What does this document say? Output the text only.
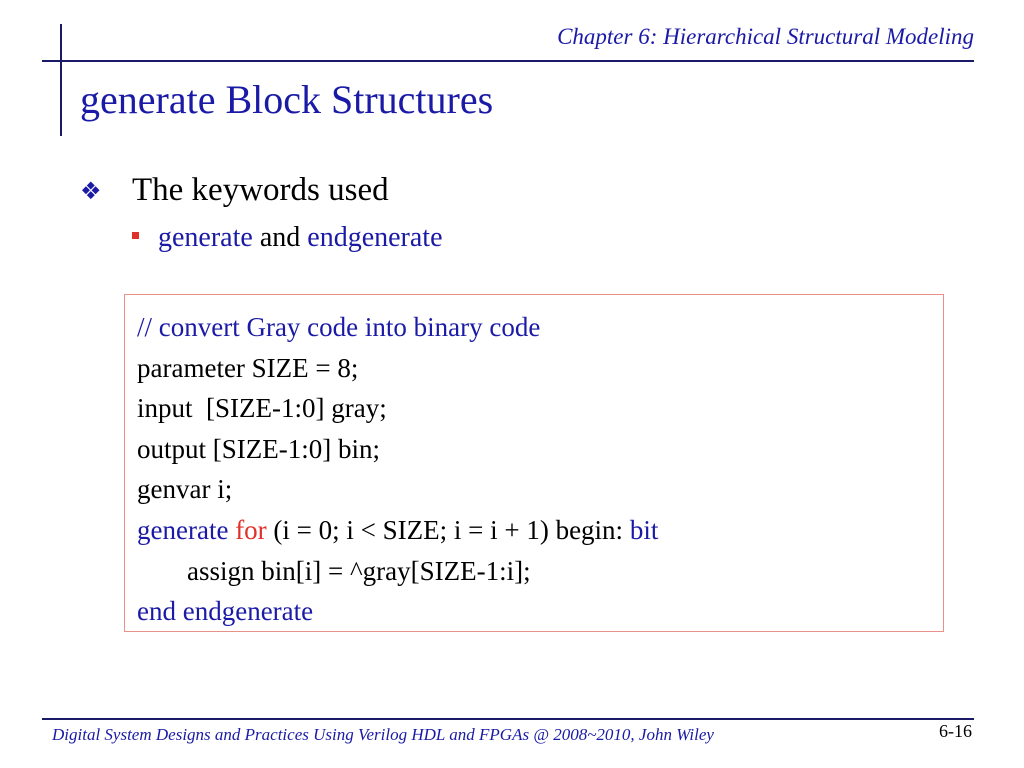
Chapter 6: Hierarchical Structural Modeling
generate Block Structures
❖ The keywords used
generate and endgenerate
// convert Gray code into binary code
parameter SIZE = 8;
input  [SIZE-1:0] gray;
output [SIZE-1:0] bin;
genvar i;
generate for (i = 0; i < SIZE; i = i + 1) begin: bit
assign bin[i] = ^gray[SIZE-1:i];
end endgenerate
Digital System Designs and Practices Using Verilog HDL and FPGAs @ 2008~2010, John Wiley	6-16
